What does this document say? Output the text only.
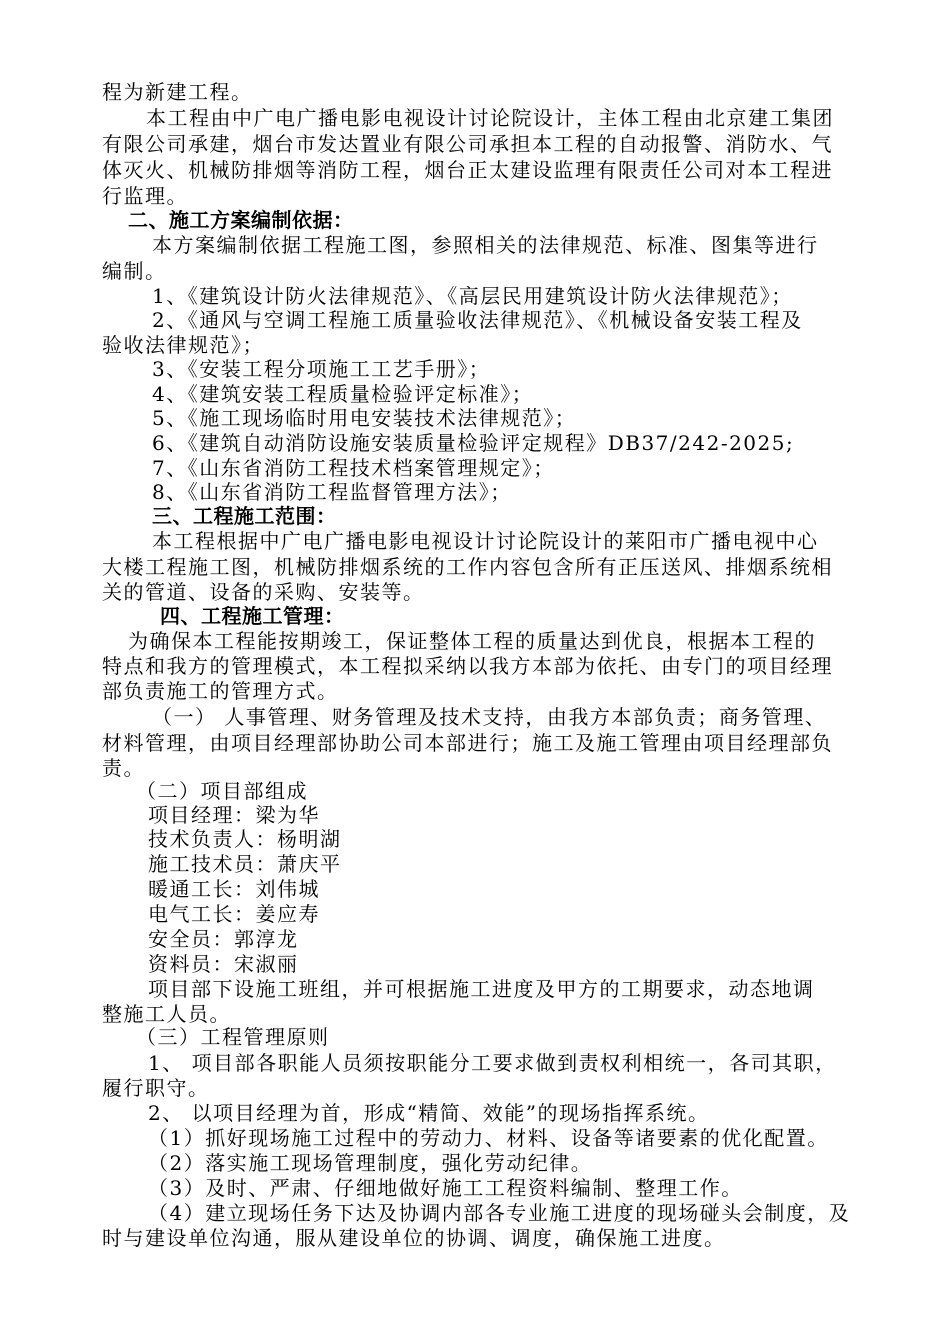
程为新建工程。
本工程由中广电广播电影电视设计讨论院设计，主体工程由北京建工集团
有限公司承建，烟台市发达置业有限公司承担本工程的自动报警、消防水、气
体灭火、机械防排烟等消防工程，烟台正太建设监理有限责任公司对本工程进
行监理。
二、施工方案编制依据：
本方案编制依据工程施工图，参照相关的法律规范、标准、图集等进行
编制。
1、《建筑设计防火法律规范》、《高层民用建筑设计防火法律规范》；
2、《通风与空调工程施工质量验收法律规范》、《机械设备安装工程及
验收法律规范》；
3、《安装工程分项施工工艺手册》；
4、《建筑安装工程质量检验评定标准》；
5、《施工现场临时用电安装技术法律规范》；
6、《建筑自动消防设施安装质量检验评定规程》DB37/242-2025;
7、《山东省消防工程技术档案管理规定》；
8、《山东省消防工程监督管理方法》；
三、工程施工范围：
本工程根据中广电广播电影电视设计讨论院设计的莱阳市广播电视中心
大楼工程施工图，机械防排烟系统的工作内容包含所有正压送风、排烟系统相
关的管道、设备的采购、安装等。
四、工程施工管理：
为确保本工程能按期竣工，保证整体工程的质量达到优良，根据本工程的
特点和我方的管理模式，本工程拟采纳以我方本部为依托、由专门的项目经理
部负责施工的管理方式。
（一） 人事管理、财务管理及技术支持，由我方本部负责；商务管理、
材料管理，由项目经理部协助公司本部进行；施工及施工管理由项目经理部负
责。
（二）项目部组成
项目经理：梁为华
技术负责人：杨明湖
施工技术员：萧庆平
暖通工长：刘伟城
电气工长：姜应寿
安全员：郭淳龙
资料员：宋淑丽
项目部下设施工班组，并可根据施工进度及甲方的工期要求，动态地调
整施工人员。
（三）工程管理原则
1、 项目部各职能人员须按职能分工要求做到责权利相统一，各司其职，
履行职守。
2、 以项目经理为首，形成“精简、效能”的现场指挥系统。
（1）抓好现场施工过程中的劳动力、材料、设备等诸要素的优化配置。
（2）落实施工现场管理制度，强化劳动纪律。
（3）及时、严肃、仔细地做好施工工程资料编制、整理工作。
（4）建立现场任务下达及协调内部各专业施工进度的现场碰头会制度，及
时与建设单位沟通，服从建设单位的协调、调度，确保施工进度。
